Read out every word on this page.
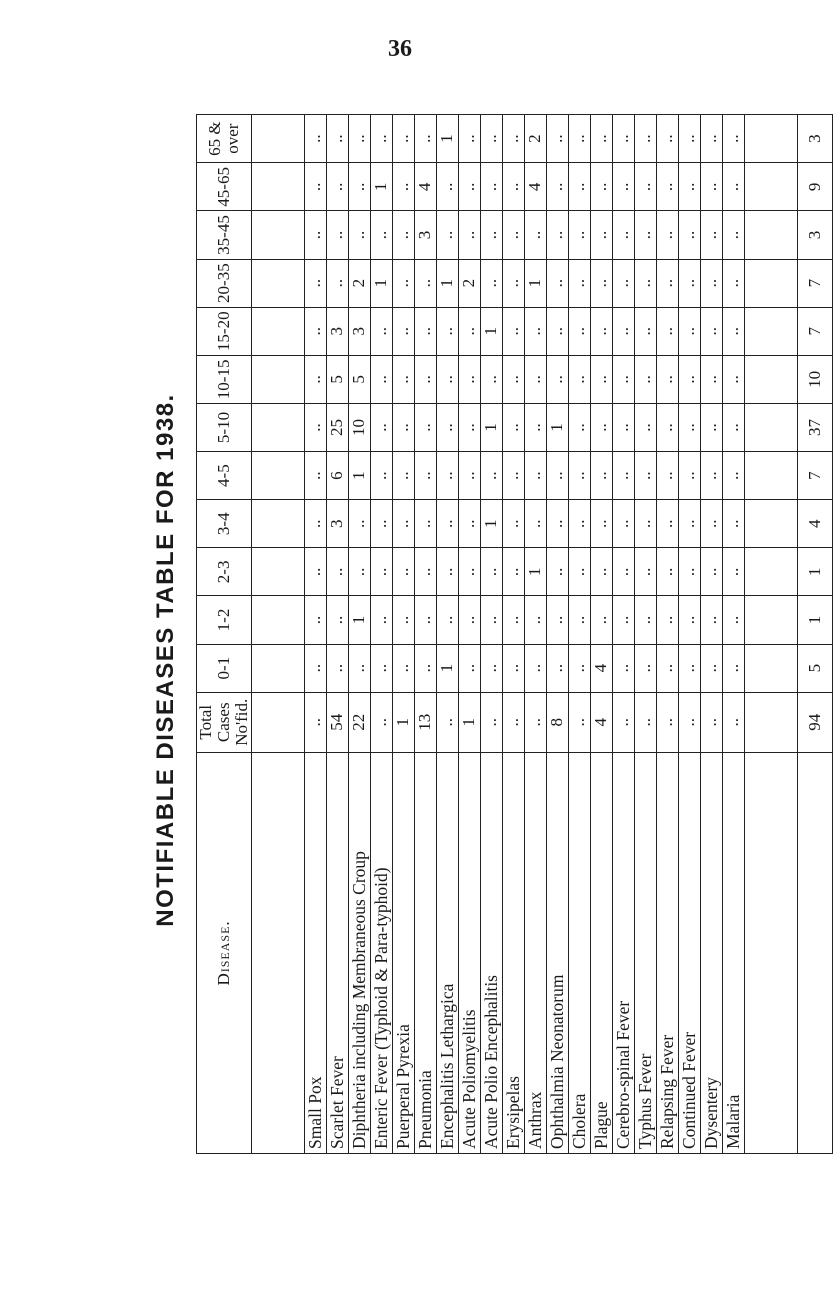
36
NOTIFIABLE DISEASES TABLE FOR 1938.
Disease.	Total Cases No'fid.	0-1	1-2	2-3	3-4	4-5	5-10	10-15	15-20	20-35	35-45	45-65	65 & over

Small Pox	..	..	..	..	..	..	..	..	..	..	..	..	..
Scarlet Fever	54	..	..	..	3	6	25	5	3	..	..	..	..
Diphtheria including Membraneous Croup	22	..	1	..	..	1	10	5	3	2	..	..	..
Enteric Fever (Typhoid & Para-typhoid)	..	..	..	..	..	..	..	..	..	1	..	1	..
Puerperal Pyrexia	1	..	..	..	..	..	..	..	..	..	..	..	..
Pneumonia	13	..	..	..	..	..	..	..	..	..	3	4	..
Encephalitis Lethargica	..	1	..	..	..	..	..	..	..	1	..	..	1
Acute Poliomyelitis	1	..	..	..	..	..	..	..	..	2	..	..	..
Acute Polio Encephalitis	..	..	..	..	1	..	1	..	1	..	..	..	..
Erysipelas	..	..	..	..	..	..	..	..	..	..	..	..	..
Anthrax	..	..	..	1	..	..	..	..	..	1	..	4	2
Ophthalmia Neonatorum	8	..	..	..	..	..	1	..	..	..	..	..	..
Cholera	..	..	..	..	..	..	..	..	..	..	..	..	..
Plague	4	4	..	..	..	..	..	..	..	..	..	..	..
Cerebro-spinal Fever	..	..	..	..	..	..	..	..	..	..	..	..	..
Typhus Fever	..	..	..	..	..	..	..	..	..	..	..	..	..
Relapsing Fever	..	..	..	..	..	..	..	..	..	..	..	..	..
Continued Fever	..	..	..	..	..	..	..	..	..	..	..	..	..
Dysentery	..	..	..	..	..	..	..	..	..	..	..	..	..
Malaria	..	..	..	..	..	..	..	..	..	..	..	..	..

	94	5	1	1	4	7	37	10	7	7	3	9	3
